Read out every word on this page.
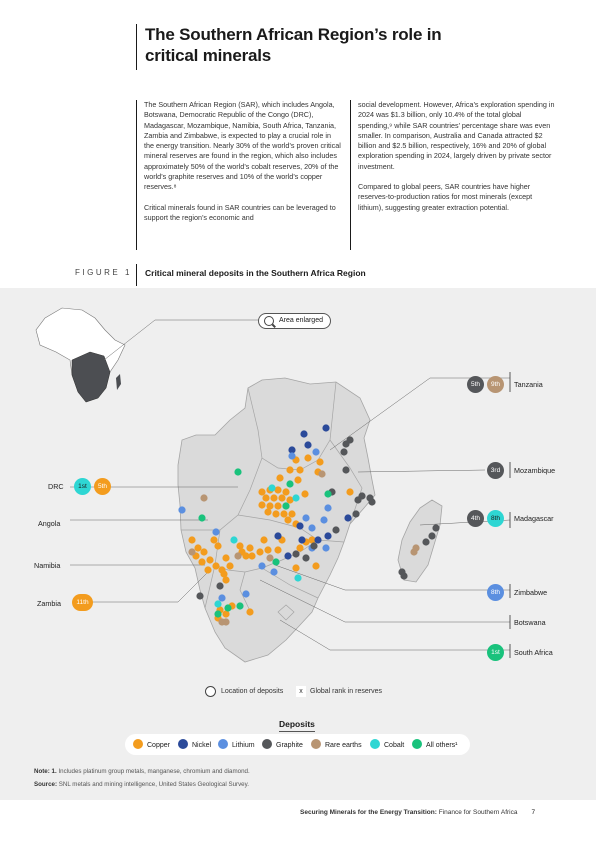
The Southern African Region’s role in critical minerals

The Southern African Region (SAR), which includes Angola, Botswana, Democratic Republic of the Congo (DRC), Madagascar, Mozambique, Namibia, South Africa, Tanzania, Zambia and Zimbabwe, is expected to play a crucial role in the energy transition. Nearly 30% of the world’s proven critical mineral reserves are found in the region, which also includes approximately 50% of the world’s cobalt reserves, 20% of the world’s graphite reserves and 10% of the world’s copper reserves.⁸

Critical minerals found in SAR countries can be leveraged to support the region’s economic and

social development. However, Africa’s exploration spending in 2024 was $1.3 billion, only 10.4% of the total global spending,⁹ while SAR countries’ percentage share was even smaller. In comparison, Australia and Canada attracted $2 billion and $2.5 billion, respectively, 16% and 20% of global exploration spending in 2024, largely driven by private sector investment.

Compared to global peers, SAR countries have higher reserves-to-production ratios for most minerals (except lithium), suggesting greater extraction potential.

FIGURE 1	Critical mineral deposits in the Southern Africa Region
Area enlarged
5th	9th	Tanzania
3rd	Mozambique
4th	8th	Madagascar
8th	Zimbabwe
Botswana
1st	South Africa
DRC	1st	5th
Angola
Namibia
Zambia	11th
Location of deposits	x	Global rank in reserves
Deposits
Copper	Nickel	Lithium	Graphite	Rare earths	Cobalt	All others¹
Note: 1. Includes platinum group metals, manganese, chromium and diamond.
Source: SNL metals and mining intelligence, United States Geological Survey.
Securing Minerals for the Energy Transition: Finance for Southern Africa 7
